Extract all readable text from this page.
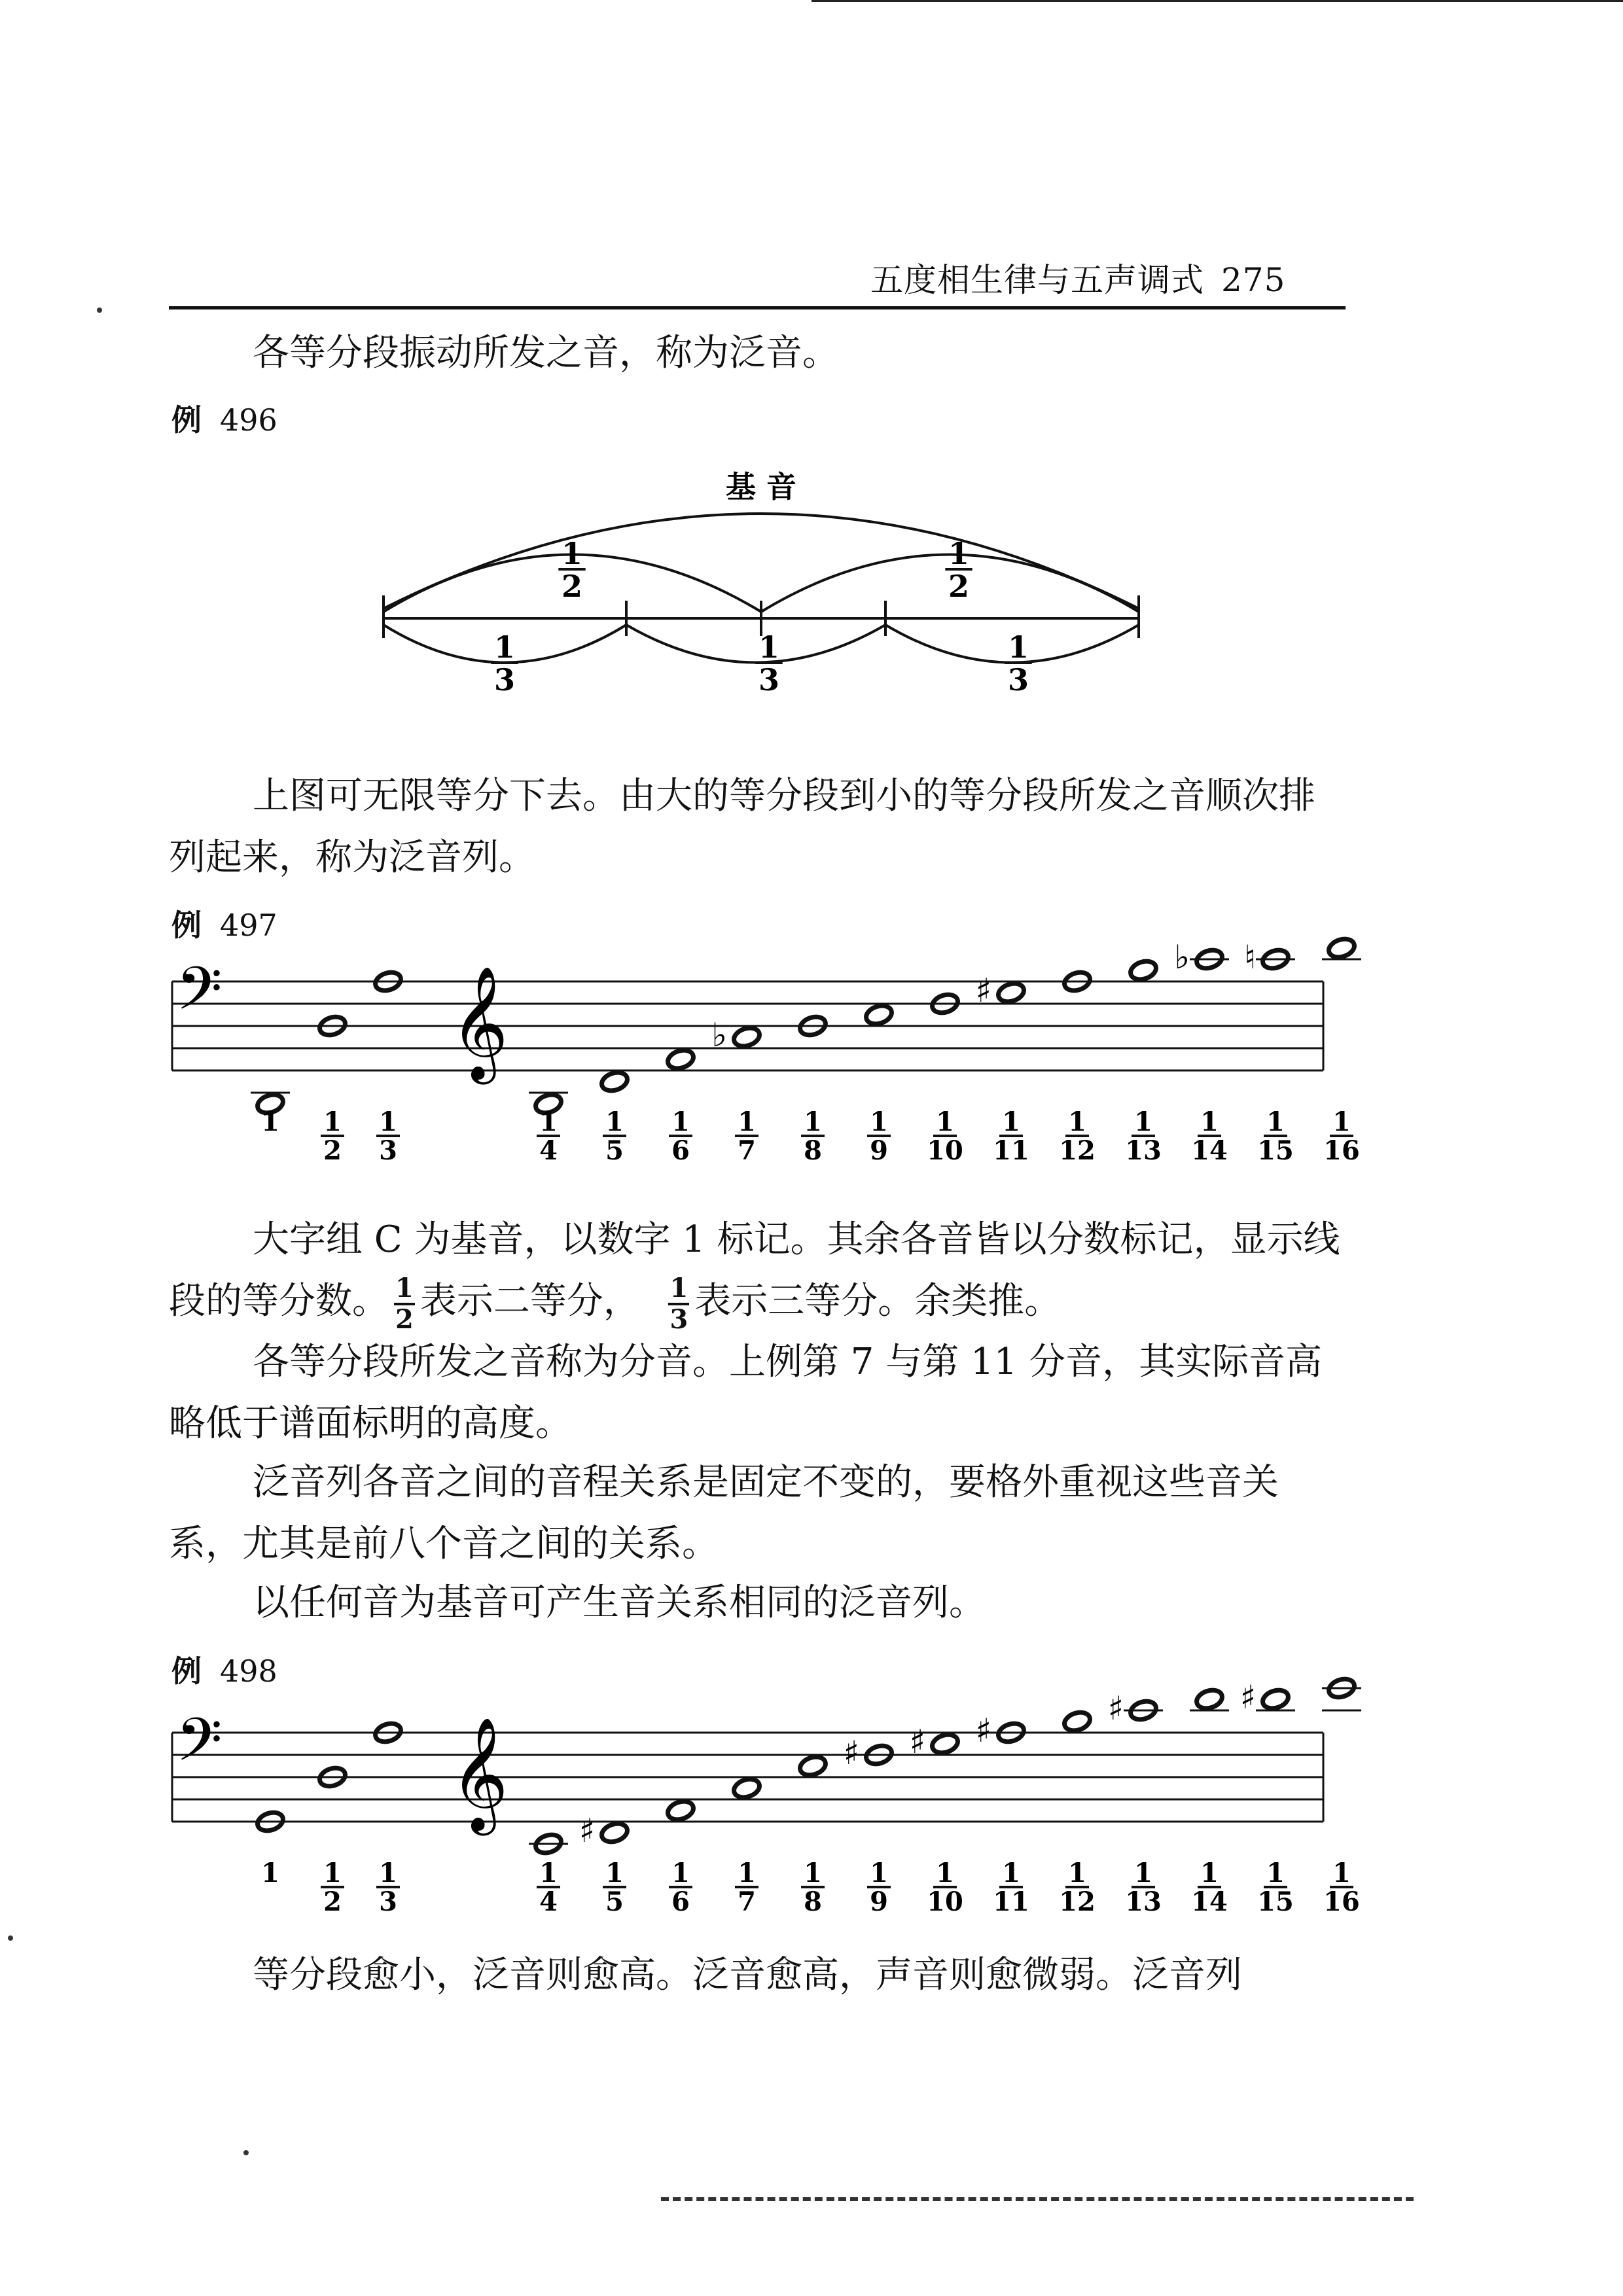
五度相生律与五声调式 275

各等分段振动所发之音，称为泛音。

例 496
基 音
1
2
1
2
1
3
1
3
1
3

上图可无限等分下去。由大的等分段到小的等分段所发之音顺次排列起来，称为泛音列。

例 497
𝄢 𝄞	♭
♯
♭ ♮
1 1
2
1
3
1
4
1
5
1
6
1
7
1
8
1
9
1
10
1
11
1
12
1
13
1
14
1
15
1
16

大字组 C 为基音，以数字 1 标记。其余各音皆以分数标记，显示线段的等分数。 $\frac{1}{2}$ 表示二等分， $\frac{1}{3}$ 表示三等分。余类推。

各等分段所发之音称为分音。上例第 7 与第 11 分音，其实际音高略低于谱面标明的高度。

泛音列各音之间的音程关系是固定不变的，要格外重视这些音关系，尤其是前八个音之间的关系。

以任何音为基音可产生音关系相同的泛音列。

例 498
𝄢 𝄞 ♯
♯ ♯ ♯
♯	♯
1 1
2
1
3
1
4
1
5
1
6
1
7
1
8
1
9
1
10
1
11
1
12
1
13
1
14
1
15
1
16

等分段愈小，泛音则愈高。泛音愈高，声音则愈微弱。泛音列
